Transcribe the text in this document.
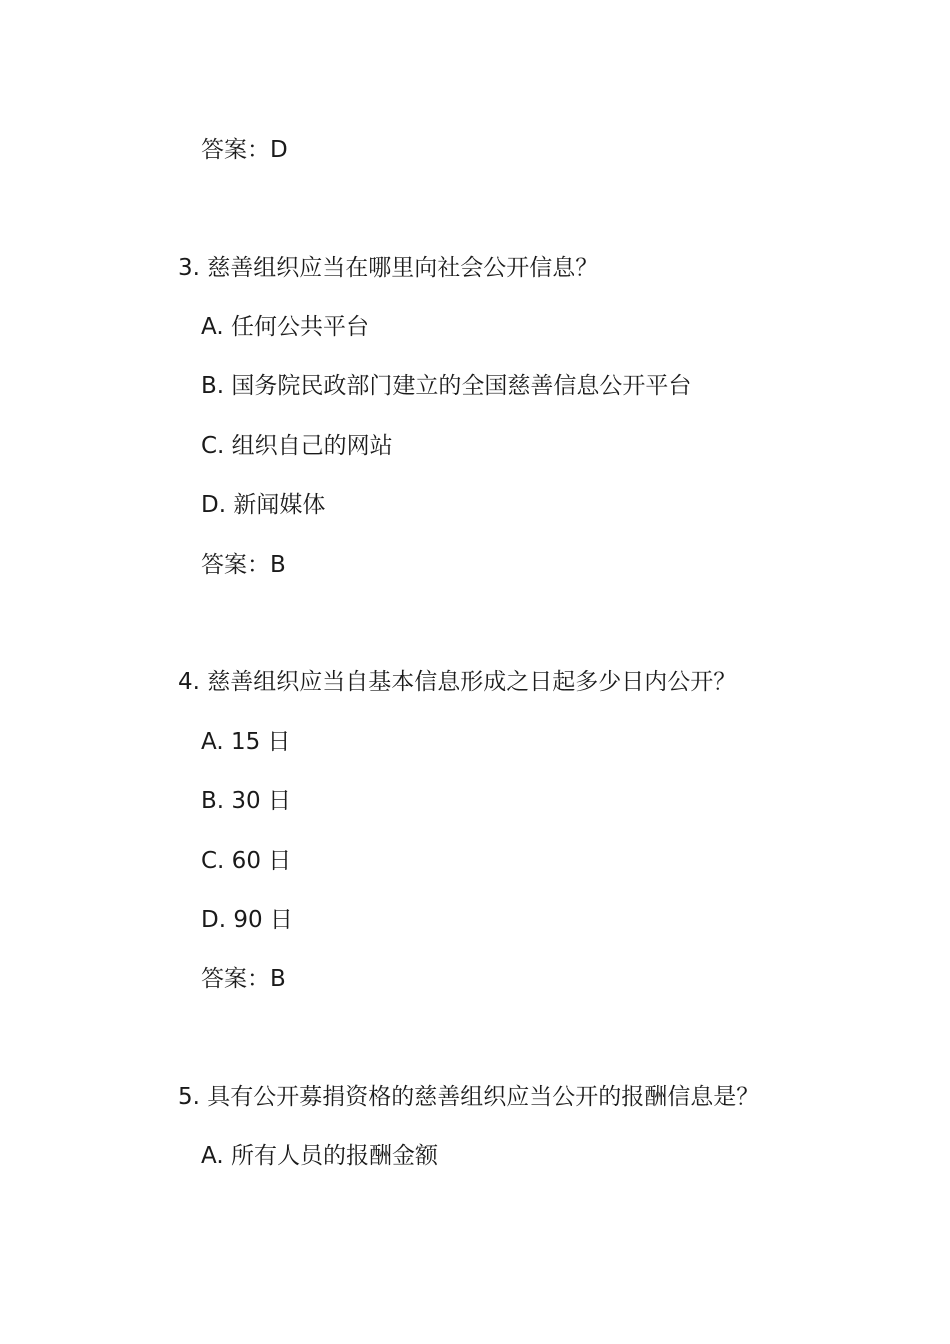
答案：D

3. 慈善组织应当在哪里向社会公开信息？

A. 任何公共平台

B. 国务院民政部门建立的全国慈善信息公开平台

C. 组织自己的网站

D. 新闻媒体

答案：B

4. 慈善组织应当自基本信息形成之日起多少日内公开？

A. 15 日

B. 30 日

C. 60 日

D. 90 日

答案：B

5. 具有公开募捐资格的慈善组织应当公开的报酬信息是？

A. 所有人员的报酬金额
